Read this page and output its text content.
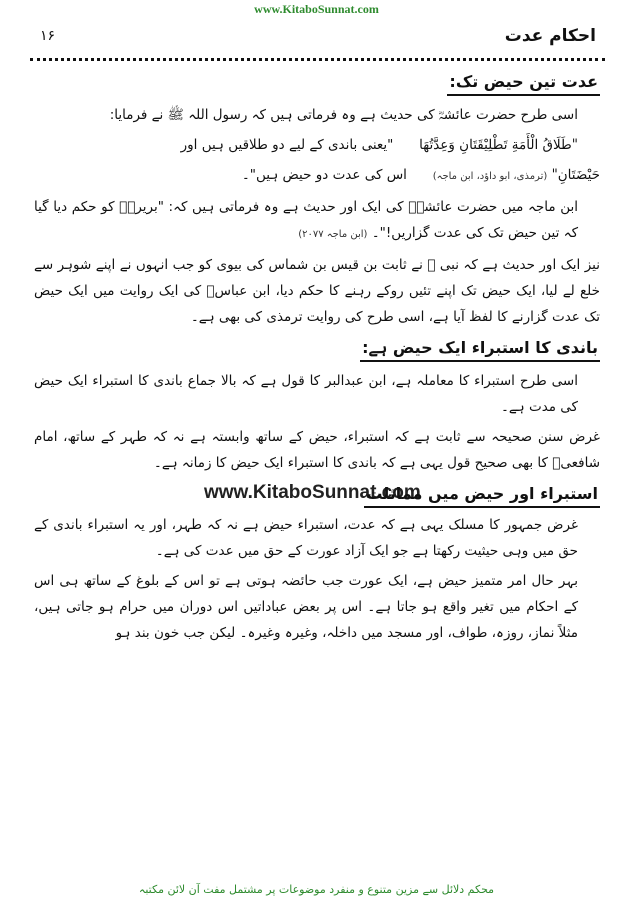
www.KitaboSunnat.com
۱۶	احکام عدت
عدت تین حیض تک:

اسی طرح حضرت عائشہؓ کی حدیث ہے وہ فرماتی ہیں کہ رسول اللہ ﷺ نے فرمایا:

"طَلَاقُ الْأَمَةِ تَطْلِیْقَتَانِ وَعِدَّتُهَا      "یعنی باندی کے لیے دو طلاقیں ہیں اور

حَیْضَتَانِ" (ترمذی، ابو داؤد، ابن ماجہ)      اس کی عدت دو حیض ہیں"۔

ابن ماجہ میں حضرت عائشہؓ کی ایک اور حدیث ہے وہ فرماتی ہیں کہ: "بریرہؓ کو حکم دیا گیا کہ تین حیض تک کی عدت گزاریں!"۔ (ابن ماجہ ۲۰۷۷)

نیز ایک اور حدیث ہے کہ نبی ﷺ نے ثابت بن قیس بن شماس کی بیوی کو جب انہوں نے اپنے شوہر سے خلع لے لیا، ایک حیض تک اپنے تئیں روکے رہنے کا حکم دیا، ابن عباسؓ کی ایک روایت میں ایک حیض تک عدت گزارنے کا لفظ آیا ہے، اسی طرح کی روایت ترمذی کی بھی ہے۔

باندی کا استبراء ایک حیض ہے:

اسی طرح استبراء کا معاملہ ہے، ابن عبدالبر کا قول ہے کہ بالا جماع باندی کا استبراء ایک حیض کی مدت ہے۔

غرض سنن صحیحہ سے ثابت ہے کہ استبراء، حیض کے ساتھ وابستہ ہے نہ کہ طہر کے ساتھ، امام شافعیؒ کا بھی صحیح قول یہی ہے کہ باندی کا استبراء ایک حیض کا زمانہ ہے۔

www.KitaboSunnat.com
استبراء اور حیض میں مماثلت

غرض جمہور کا مسلک یہی ہے کہ عدت، استبراء حیض ہے نہ کہ طہر، اور یہ استبراء باندی کے حق میں وہی حیثیت رکھتا ہے جو ایک آزاد عورت کے حق میں عدت کی ہے۔

بہر حال امر متمیز حیض ہے، ایک عورت جب حائضہ ہوتی ہے تو اس کے بلوغ کے ساتھ ہی اس کے احکام میں تغیر واقع ہو جاتا ہے۔ اس پر بعض عباداتیں اس دوران میں حرام ہو جاتی ہیں، مثلاً نماز، روزہ، طواف، اور مسجد میں داخلہ، وغیرہ وغیرہ۔ لیکن جب خون بند ہو

محکم دلائل سے مزین متنوع و منفرد موضوعات پر مشتمل مفت آن لائن مکتبہ
